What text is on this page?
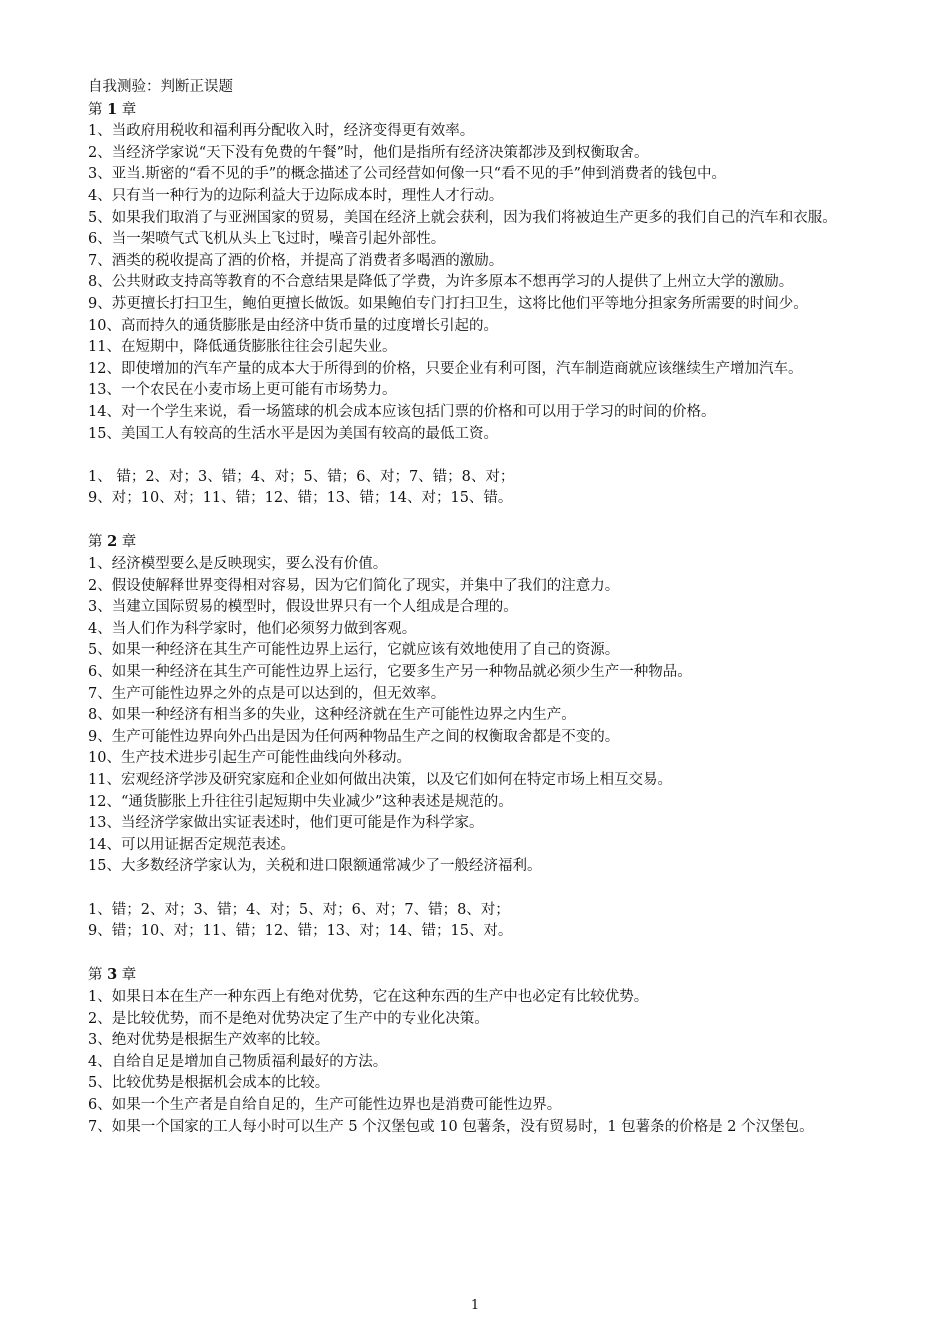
自我测验：判断正误题
第 1 章
1、当政府用税收和福利再分配收入时，经济变得更有效率。
2、当经济学家说“天下没有免费的午餐”时，他们是指所有经济决策都涉及到权衡取舍。
3、亚当.斯密的“看不见的手”的概念描述了公司经营如何像一只“看不见的手”伸到消费者的钱包中。
4、只有当一种行为的边际利益大于边际成本时，理性人才行动。
5、如果我们取消了与亚洲国家的贸易，美国在经济上就会获利，因为我们将被迫生产更多的我们自己的汽车和衣服。
6、当一架喷气式飞机从头上飞过时，噪音引起外部性。
7、酒类的税收提高了酒的价格，并提高了消费者多喝酒的激励。
8、公共财政支持高等教育的不合意结果是降低了学费，为许多原本不想再学习的人提供了上州立大学的激励。
9、苏更擅长打扫卫生，鲍伯更擅长做饭。如果鲍伯专门打扫卫生，这将比他们平等地分担家务所需要的时间少。
10、高而持久的通货膨胀是由经济中货币量的过度增长引起的。
11、在短期中，降低通货膨胀往往会引起失业。
12、即使增加的汽车产量的成本大于所得到的价格，只要企业有利可图，汽车制造商就应该继续生产增加汽车。
13、一个农民在小麦市场上更可能有市场势力。
14、对一个学生来说，看一场篮球的机会成本应该包括门票的价格和可以用于学习的时间的价格。
15、美国工人有较高的生活水平是因为美国有较高的最低工资。
1、 错；2、对；3、错；4、对；5、错；6、对；7、错；8、对；
9、对；10、对；11、错；12、错；13、错；14、对；15、错。
第 2 章
1、经济模型要么是反映现实，要么没有价值。
2、假设使解释世界变得相对容易，因为它们简化了现实，并集中了我们的注意力。
3、当建立国际贸易的模型时，假设世界只有一个人组成是合理的。
4、当人们作为科学家时，他们必须努力做到客观。
5、如果一种经济在其生产可能性边界上运行，它就应该有效地使用了自己的资源。
6、如果一种经济在其生产可能性边界上运行，它要多生产另一种物品就必须少生产一种物品。
7、生产可能性边界之外的点是可以达到的，但无效率。
8、如果一种经济有相当多的失业，这种经济就在生产可能性边界之内生产。
9、生产可能性边界向外凸出是因为任何两种物品生产之间的权衡取舍都是不变的。
10、生产技术进步引起生产可能性曲线向外移动。
11、宏观经济学涉及研究家庭和企业如何做出决策，以及它们如何在特定市场上相互交易。
12、“通货膨胀上升往往引起短期中失业减少”这种表述是规范的。
13、当经济学家做出实证表述时，他们更可能是作为科学家。
14、可以用证据否定规范表述。
15、大多数经济学家认为，关税和进口限额通常减少了一般经济福利。
1、错；2、对；3、错；4、对；5、对；6、对；7、错；8、对；
9、错；10、对；11、错；12、错；13、对；14、错；15、对。
第 3 章
1、如果日本在生产一种东西上有绝对优势，它在这种东西的生产中也必定有比较优势。
2、是比较优势，而不是绝对优势决定了生产中的专业化决策。
3、绝对优势是根据生产效率的比较。
4、自给自足是增加自己物质福利最好的方法。
5、比较优势是根据机会成本的比较。
6、如果一个生产者是自给自足的，生产可能性边界也是消费可能性边界。
7、如果一个国家的工人每小时可以生产 5 个汉堡包或 10 包薯条，没有贸易时，1 包薯条的价格是 2 个汉堡包。
1
